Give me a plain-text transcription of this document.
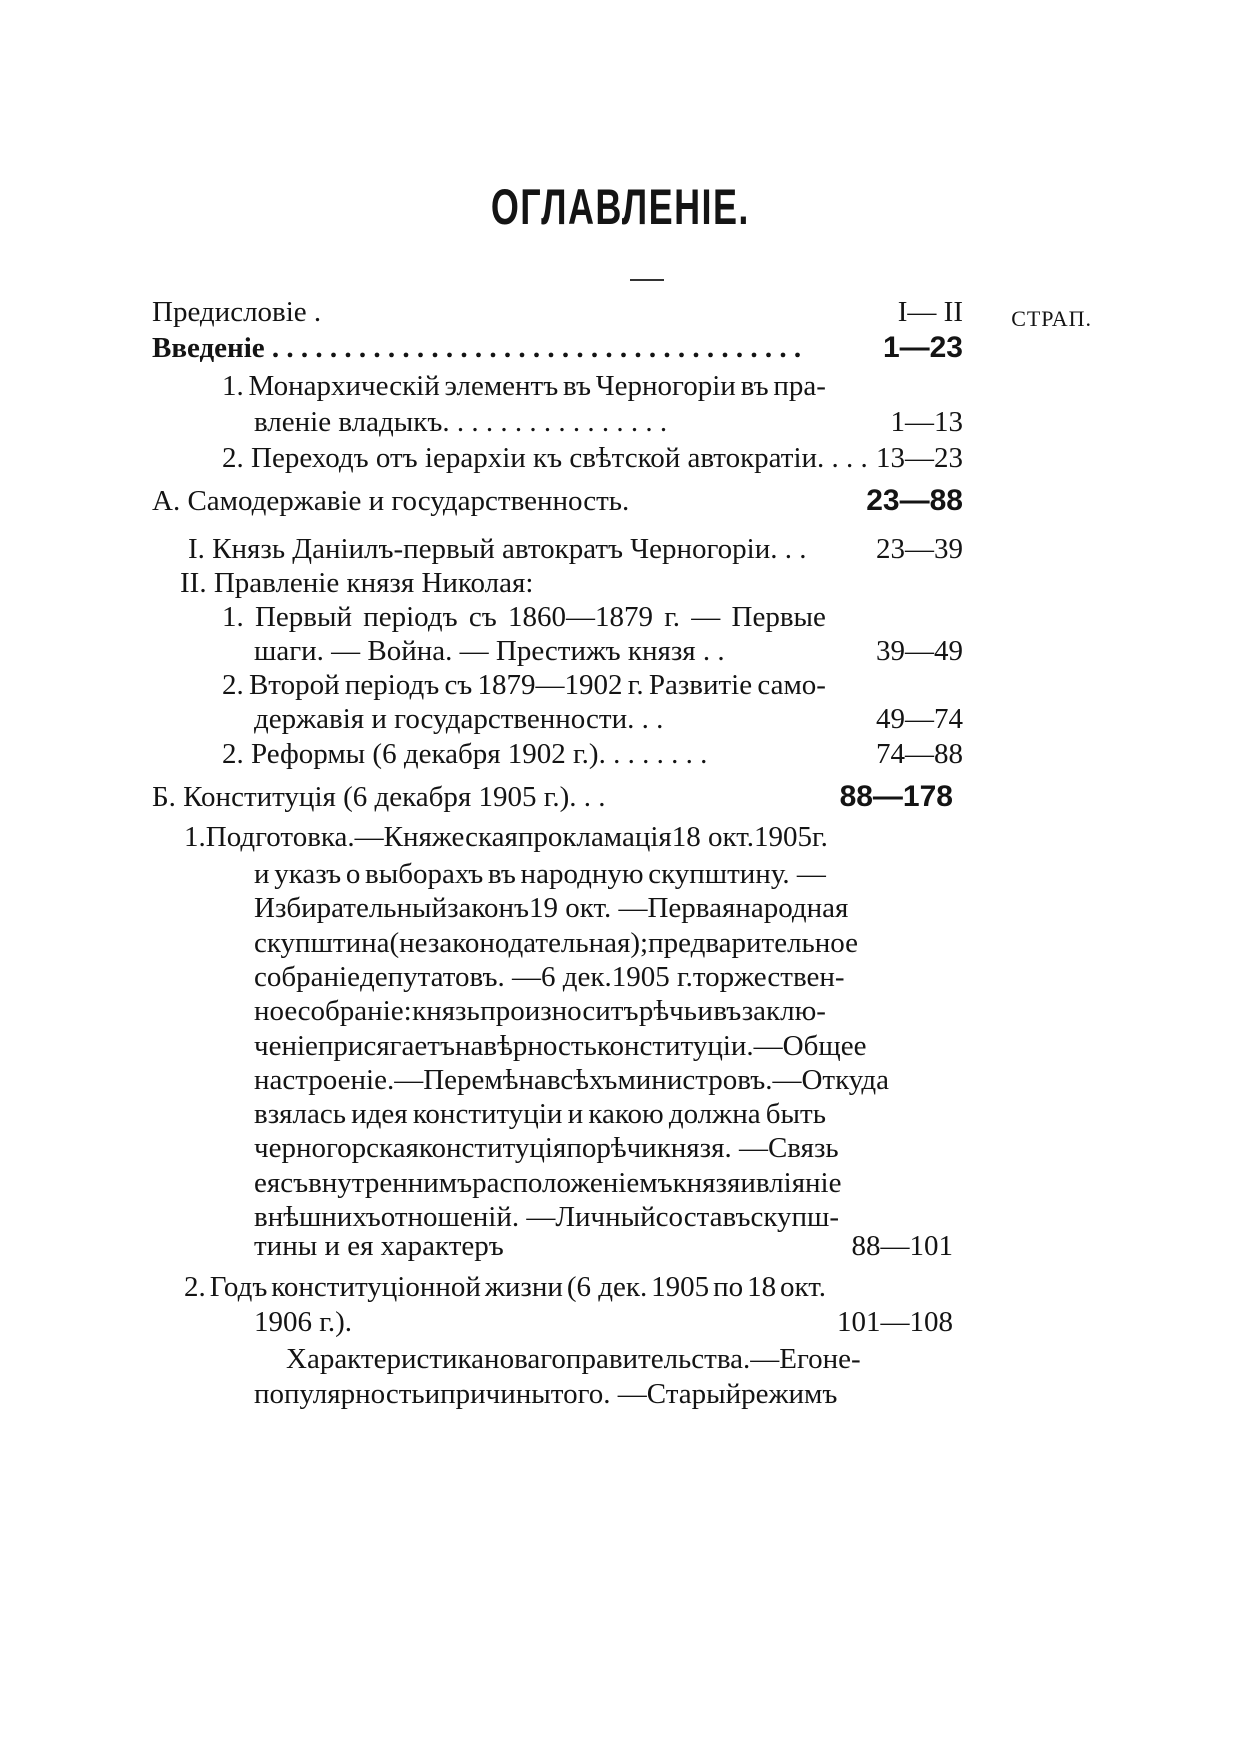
ОГЛАВЛЕНІЕ.
СТРАП.
Предисловіе .	I— II
Введеніе . . . . . . . . . . . . . . . . . . . . . . . . . . . . . . . . . . . . .	1—23
1. Монархическій элементъ въ Черногоріи въ пра-
вленіе владыкъ. . . . . . . . . . . . . . . .	1—13
2. Переходъ отъ іерархіи къ свѣтской автократіи. . . . 13—23
А. Самодержавіе и государственность.	23—88
I. Князь Даніилъ-первый автократъ Черногоріи. . .	23—39
II. Правленіе князя Николая:
1. Первый періодъ съ 1860—1879 г. — Первые
шаги. — Война. — Престижъ князя . .	39—49
2. Второй періодъ съ 1879—1902 г. Развитіе само-
державія и государственности. . .	49—74
2. Реформы (6 декабря 1902 г.). . . . . . . .	74—88
Б. Конституція (6 декабря 1905 г.). . .	88—178
1. Подготовка. — Княжеская прокламація 18 окт. 1905 г.
и указъ о выборахъ въ народную скупштину. —
Избирательный законъ 19 окт. — Первая народная
скупштина (незаконодательная); предварительное
собраніе депутатовъ. — 6 дек. 1905 г. торжествен-
ное собраніе: князь произноситъ рѣчь и въ заклю-
ченіе присягаетъ на вѣрность конституціи.—Общее
настроеніе.—Перемѣна всѣхъ министровъ.—Откуда
взялась идея конституціи и какою должна быть
черногорская конституція по рѣчи князя. — Связь
ея съ внутреннимъ расположеніемъ князя и вліяніе
внѣшнихъ отношеній. — Личный составъ скупш-
тины и ея характеръ	88—101
2. Годъ конституціонной жизни (6 дек. 1905 по 18 окт.
1906 г.).	101—108
Характеристика новаго правительства.—Его не-
популярность и причины того. — Старый режимъ
